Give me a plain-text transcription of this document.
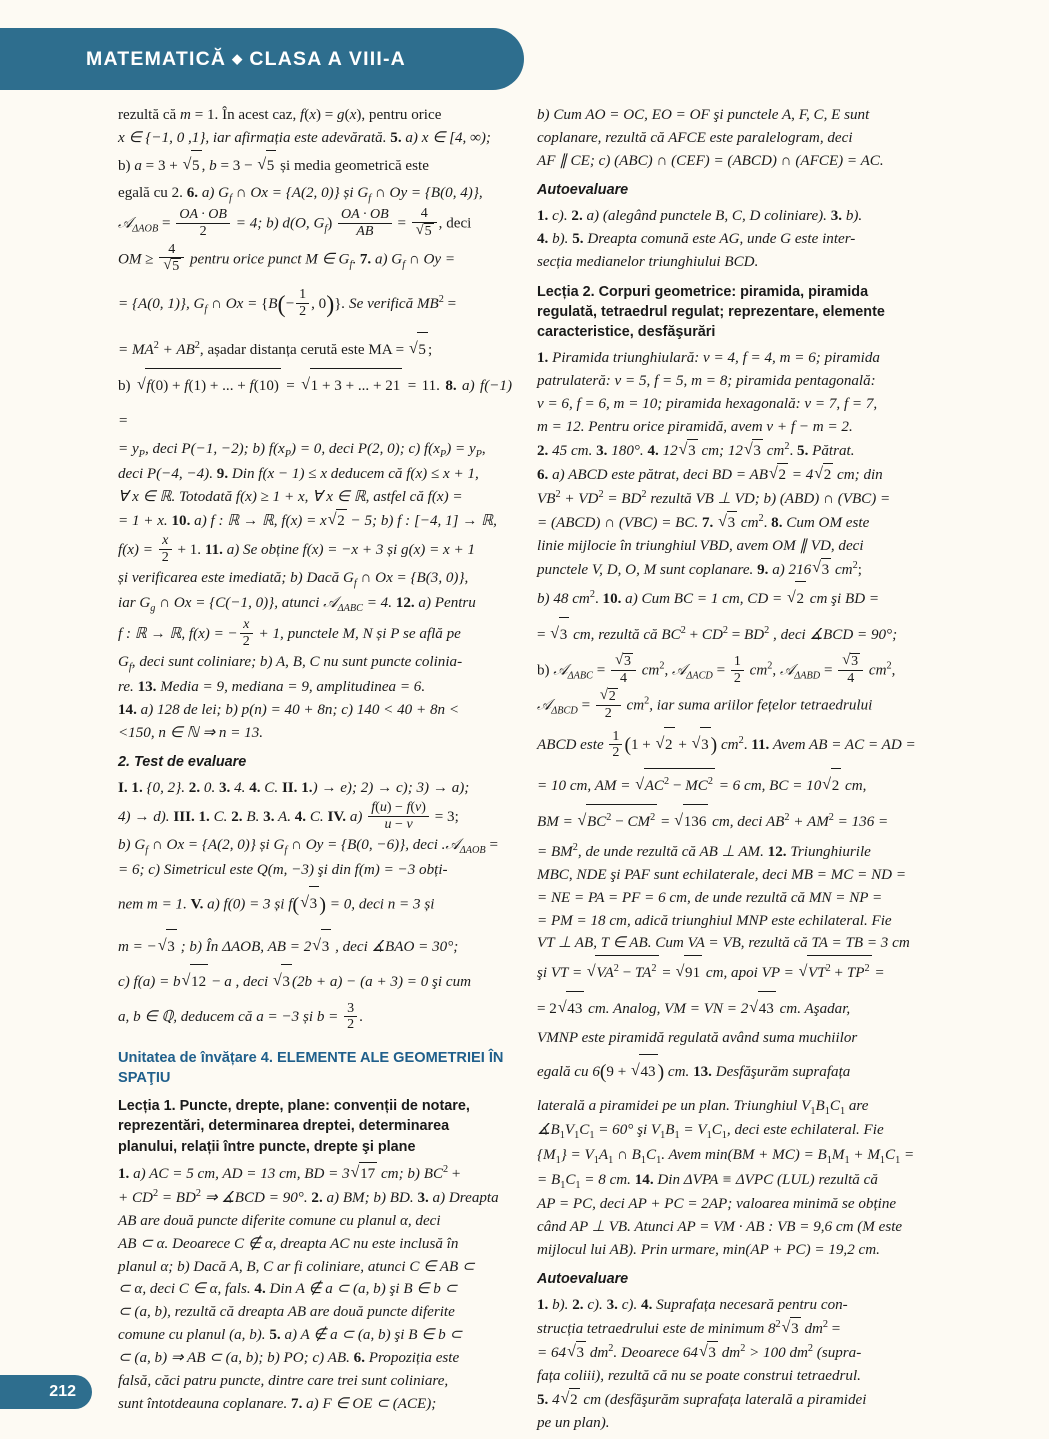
MATEMATICĂ ◆ CLASA A VIII-A
212

rezultă că m = 1. În acest caz, f(x) = g(x), pentru orice

x ∈ {−1, 0 ,1}, iar afirmația este adevărată. 5. a) x ∈ [4, ∞);

b) a = 3 + √ 5 , b = 3 − √ 5 și media geometrică este

egală cu 2. 6. a) $G_f$ ∩ Ox = {A(2, 0)} și $G_f$ ∩ Oy = {B(0, 4)},

𝒜$_{\Delta AOB}$ = $\frac{OA \cdot OB}{2} = 4$; b) d(O, $G_f) \frac{OA \cdot OB}{AB} = 4$
√ 5 , deci

OM ≥ 4
√ 5 pentru orice punct M ∈ $G_f$. 7. a) $G_f$ ∩ Oy =

= {A(0, 1)}, $G_f$ ∩ $Ox = \{B(- \frac{1}{2}$ , 0)}. Se verifică $MB^2$ =

= $MA^2 + AB^2$, așadar distanța cerută este MA = √ 5 ;

b) √ f(0) + f(1) + ... + f(10) = √ 1 + 3 + ... + 21 = 11. 8. a) f(−1) =

= $y_P$, deci P(−1, −2); b) $f(x_P) = 0$, deci P(2, 0); c) $f(x_P) = y_P$,

deci P(−4, −4). 9. Din f(x − 1) ≤ x deducem că f(x) ≤ x + 1,

∀ x ∈ ℝ. Totodată f(x) ≥ 1 + x, ∀ x ∈ ℝ, astfel că f(x) =

= 1 + x. 10. a) f : ℝ → ℝ, f(x) = x √ 2 − 5; b) f : [−4, 1] → ℝ,

$f(x) = \frac{x}{2} + 1$. 11. a) Se obține f(x) = −x + 3 și g(x) = x + 1

și verificarea este imediată; b) Dacă $G_f$ ∩ Ox = {B(3, 0)},

iar $G_g$ ∩ Ox = {C(−1, 0)}, atunci 𝒜$_{\Delta ABC}$ = 4. 12. a) Pentru

f : ℝ → ℝ, f(x) = − $\frac{x}{2} + 1$, punctele M, N și P se află pe

$G_f$, deci sunt coliniare; b) A, B, C nu sunt puncte colinia-

re. 13. Media = 9, mediana = 9, amplitudinea = 6.

14. a) 128 de lei; b) p(n) = 40 + 8n; c) 140 < 40 + 8n <

<150, n ∈ ℕ ⇒ n = 13.

2. Test de evaluare

I. 1. {0, 2}. 2. 0. 3. 4. 4. C. II. 1.) → e); 2) → c); 3) → a);

4) → d). III. 1. C. 2. B. 3. A. 4. C. IV. $a) \frac{f(u) - f(v)}{u - v} = 3$;

b) $G_f$ ∩ Ox = {A(2, 0)} și $G_f$ ∩ Oy = {B(0, −6)}, deci .𝒜$_{\Delta AOB}$ =

= 6; c) Simetricul este Q(m, −3) şi din f(m) = −3 obți-

nem m = 1. V. a) f(0) = 3 și f( √ 3) = 0, deci n = 3 și

m = − √ 3 ; b) În ΔAOB, AB = 2 √ 3 , deci ∡BAO = 30°;

c) f(a) = b √ 12 − a , deci √ 3 (2b + a) − (a + 3) = 0 şi cum

a, b ∈ ℚ, deducem că a = −3 și $b = \frac{3}{2}$ .

Unitatea de învățare 4. ELEMENTE ALE GEOMETRIEI ÎN SPAŢIU
Lecția 1. Puncte, drepte, plane: convenții de notare, reprezentări, determinarea dreptei, determinarea planului, relații între puncte, drepte şi plane

1. a) AC = 5 cm, AD = 13 cm, BD = 3 √ 17 cm; b) $BC^2$ +

+ $CD^2 = BD^2$ ⇒ ∡BCD = 90°. 2. a) BM; b) BD. 3. a) Dreapta

AB are două puncte diferite comune cu planul α, deci

AB ⊂ α. Deoarece C ∉ α, dreapta AC nu este inclusă în

planul α; b) Dacă A, B, C ar fi coliniare, atunci C ∈ AB ⊂

⊂ α, deci C ∈ α, fals. 4. Din A ∉ a ⊂ (a, b) şi B ∈ b ⊂

⊂ (a, b), rezultă că dreapta AB are două puncte diferite

comune cu planul (a, b). 5. a) A ∉ a ⊂ (a, b) şi B ∈ b ⊂

⊂ (a, b) ⇒ AB ⊂ (a, b); b) PO; c) AB. 6. Propoziția este

falsă, căci patru puncte, dintre care trei sunt coliniare,

sunt întotdeauna coplanare. 7. a) F ∈ OE ⊂ (ACE);

b) Cum AO = OC, EO = OF şi punctele A, F, C, E sunt

coplanare, rezultă că AFCE este paralelogram, deci

AF ∥ CE; c) (ABC) ∩ (CEF) = (ABCD) ∩ (AFCE) = AC.

Autoevaluare

1. c). 2. a) (alegând punctele B, C, D coliniare). 3. b).

4. b). 5. Dreapta comună este AG, unde G este inter-

secția medianelor triunghiului BCD.

Lecția 2. Corpuri geometrice: piramida, piramida regulată, tetraedrul regulat; reprezentare, elemente caracteristice, desfăşurări

1. Piramida triunghiulară: v = 4, f = 4, m = 6; piramida

patrulateră: v = 5, f = 5, m = 8; piramida pentagonală:

v = 6, f = 6, m = 10; piramida hexagonală: v = 7, f = 7,

m = 12. Pentru orice piramidă, avem v + f − m = 2.

2. 45 cm. 3. 180°. 4. 12 √ 3 cm; 12 √ 3 $cm^2$. 5. Pătrat.

6. a) ABCD este pătrat, deci BD = AB √ 2 = 4 √ 2 cm; din

$VB^2 + VD^2 = BD^2$ rezultă VB ⊥ VD; b) (ABD) ∩ (VBC) =

= (ABCD) ∩ (VBC) = BC. 7. √ 3 $cm^2$. 8. Cum OM este

linie mijlocie în triunghiul VBD, avem OM ∥ VD, deci

punctele V, D, O, M sunt coplanare. 9. a) 216 √ 3 $cm^2$;

b) 48 $cm^2$. 10. a) Cum BC = 1 cm, CD = √ 2 cm şi BD =

= √ 3 cm, rezultă că $BC^2 + CD^2 = BD^2$ , deci ∡BCD = 90°;

b) 𝒜$_{\Delta ABC}$ = √ $\frac{3}{4} cm^2$, 𝒜$_{\Delta ACD}$ = $\frac{1}{2} cm^2$, 𝒜$_{\Delta ABD}$ = √ $\frac{3}{4} cm^2$,

𝒜$_{\Delta BCD}$ = √ $\frac{2}{2} cm^2$, iar suma ariilor fețelor tetraedrului

ABCD este $\frac{1}{2} (1$ + √ 2 + √ 3 ) $cm^2$. 11. Avem AB = AC = AD =

= 10 cm, AM = √ $AC^2 - MC^2 = 6$ cm, BC = 10 √ 2 cm,

BM = √ $BC^2 - CM^2$ = √ 136 cm, deci $AB^2 + AM^2 = 136$ =

= $BM^2$, de unde rezultă că AB ⊥ AM. 12. Triunghiurile

MBC, NDE şi PAF sunt echilaterale, deci MB = MC = ND =

= NE = PA = PF = 6 cm, de unde rezultă că MN = NP =

= PM = 18 cm, adică triunghiul MNP este echilateral. Fie

VT ⊥ AB, T ∈ AB. Cum VA = VB, rezultă că TA = TB = 3 cm

şi VT = √ $VA^2 - TA^2$ = √ 91 cm, apoi VP = √ $VT^2 + TP^2$ =

= 2 √ 43 cm. Analog, VM = VN = 2 √ 43 cm. Aşadar,

VMNP este piramidă regulată având suma muchiilor

egală cu 6(9 + √ 43 ) cm. 13. Desfăşurăm suprafața

laterală a piramidei pe un plan. Triunghiul $V_1B_1C_1$ are

$∡B_1V_1C_1 = 60^\circ$ şi $V_1B_1 = V_1C_1$, deci este echilateral. Fie

$\{M_1\} = V_1A_1$ ∩ $B_1C_1$. Avem $\min(BM + MC) = B_1M_1 + M_1C_1$ =

= $B_1C_1 = 8$ cm. 14. Din ΔVPA ≡ ΔVPC (LUL) rezultă că

AP = PC, deci AP + PC = 2AP; valoarea minimă se obține

când AP ⊥ VB. Atunci AP = VM · AB : VB = 9,6 cm (M este

mijlocul lui AB). Prin urmare, min(AP + PC) = 19,2 cm.

Autoevaluare

1. b). 2. c). 3. c). 4. Suprafața necesară pentru con-

strucția tetraedrului este de minimum $8^2$ √ 3 $dm^2$ =

= 64 √ 3 $dm^2$. Deoarece 64 √ 3 $dm^2 > 100$ $dm^2$ (supra-

fața coliii), rezultă că nu se poate construi tetraedrul.

5. 4 √ 2 cm (desfăşurăm suprafața laterală a piramidei

pe un plan).
